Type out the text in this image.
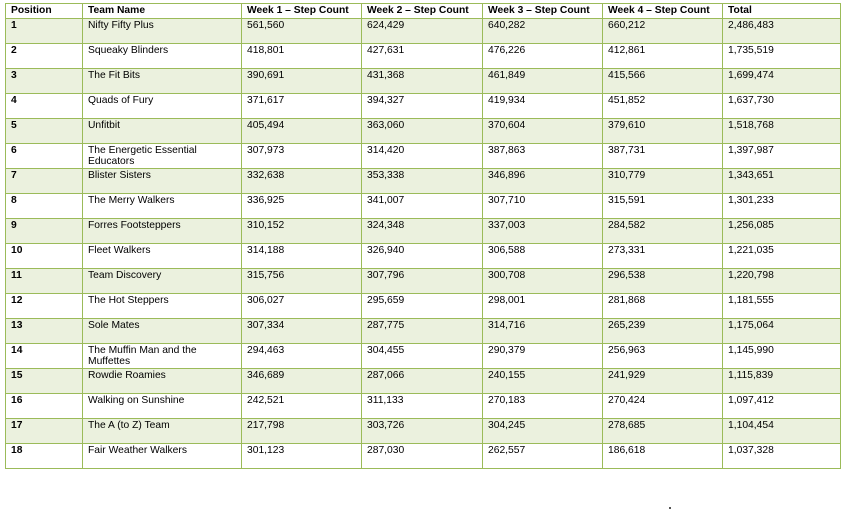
Position	Team Name	Week 1 – Step Count	Week 2 – Step Count	Week 3 – Step Count	Week 4 – Step Count	Total
1	Nifty Fifty Plus	561,560	624,429	640,282	660,212	2,486,483
2	Squeaky Blinders	418,801	427,631	476,226	412,861	1,735,519
3	The Fit Bits	390,691	431,368	461,849	415,566	1,699,474
4	Quads of Fury	371,617	394,327	419,934	451,852	1,637,730
5	Unfitbit	405,494	363,060	370,604	379,610	1,518,768
6	The Energetic Essential Educators	307,973	314,420	387,863	387,731	1,397,987
7	Blister Sisters	332,638	353,338	346,896	310,779	1,343,651
8	The Merry Walkers	336,925	341,007	307,710	315,591	1,301,233
9	Forres Footsteppers	310,152	324,348	337,003	284,582	1,256,085
10	Fleet Walkers	314,188	326,940	306,588	273,331	1,221,035
11	Team Discovery	315,756	307,796	300,708	296,538	1,220,798
12	The Hot Steppers	306,027	295,659	298,001	281,868	1,181,555
13	Sole Mates	307,334	287,775	314,716	265,239	1,175,064
14	The Muffin Man and the Muffettes	294,463	304,455	290,379	256,963	1,145,990
15	Rowdie Roamies	346,689	287,066	240,155	241,929	1,115,839
16	Walking on Sunshine	242,521	311,133	270,183	270,424	1,097,412
17	The A (to Z) Team	217,798	303,726	304,245	278,685	1,104,454
18	Fair Weather Walkers	301,123	287,030	262,557	186,618	1,037,328
